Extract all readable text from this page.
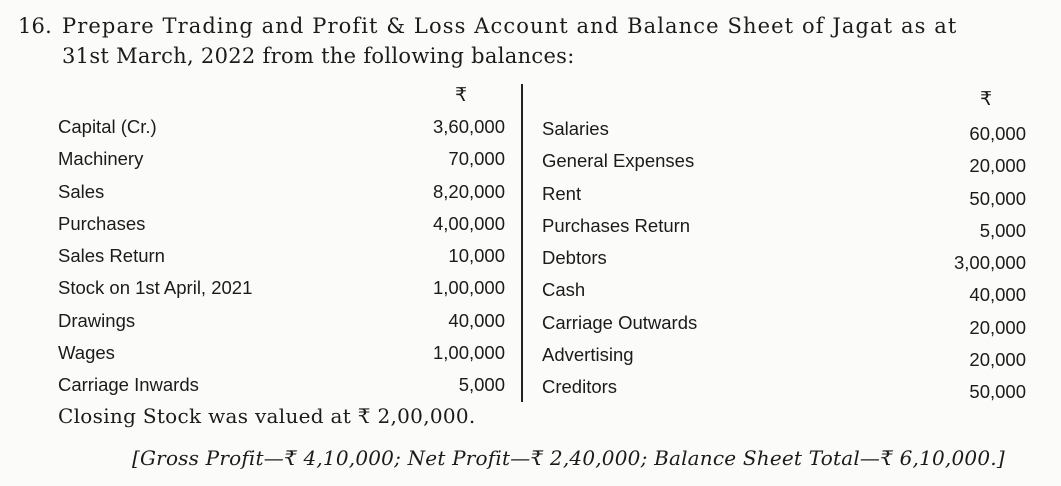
16. Prepare Trading and Profit & Loss Account and Balance Sheet of Jagat as at
31st March, 2022 from the following balances:
₹	₹
Capital (Cr.)	3,60,000
Machinery	70,000
Sales	8,20,000
Purchases	4,00,000
Sales Return	10,000
Stock on 1st April, 2021	1,00,000
Drawings	40,000
Wages	1,00,000
Carriage Inwards	5,000
Salaries	60,000
General Expenses	20,000
Rent	50,000
Purchases Return	5,000
Debtors	3,00,000
Cash	40,000
Carriage Outwards	20,000
Advertising	20,000
Creditors	50,000
Closing Stock was valued at ₹ 2,00,000.
[Gross Profit—₹ 4,10,000; Net Profit—₹ 2,40,000; Balance Sheet Total—₹ 6,10,000.]
